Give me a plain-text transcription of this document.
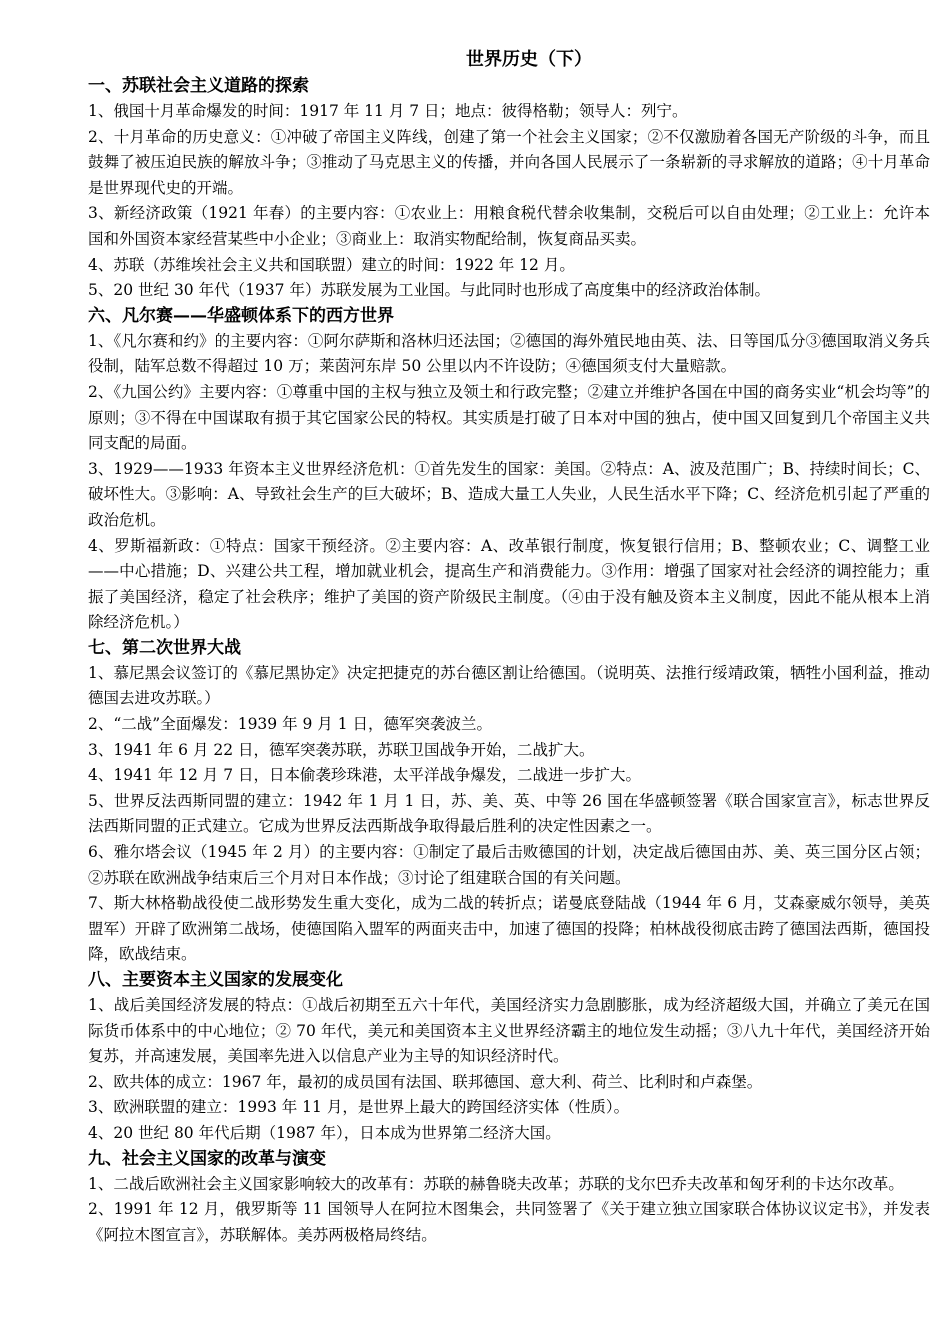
世界历史（下）
一、苏联社会主义道路的探索
1、俄国十月革命爆发的时间：1917 年 11 月 7 日；地点：彼得格勒；领导人：列宁。
2、十月革命的历史意义：①冲破了帝国主义阵线，创建了第一个社会主义国家；②不仅激励着各国无产阶级的斗争，而且鼓舞了被压迫民族的解放斗争；③推动了马克思主义的传播，并向各国人民展示了一条崭新的寻求解放的道路；④十月革命是世界现代史的开端。
3、新经济政策（1921 年春）的主要内容：①农业上：用粮食税代替余收集制，交税后可以自由处理；②工业上：允许本国和外国资本家经营某些中小企业；③商业上：取消实物配给制，恢复商品买卖。
4、苏联（苏维埃社会主义共和国联盟）建立的时间：1922 年 12 月。
5、20 世纪 30 年代（1937 年）苏联发展为工业国。与此同时也形成了高度集中的经济政治体制。
六、凡尔赛——华盛顿体系下的西方世界
1、《凡尔赛和约》的主要内容：①阿尔萨斯和洛林归还法国；②德国的海外殖民地由英、法、日等国瓜分③德国取消义务兵役制，陆军总数不得超过 10 万；莱茵河东岸 50 公里以内不许设防；④德国须支付大量赔款。
2、《九国公约》主要内容：①尊重中国的主权与独立及领土和行政完整；②建立并维护各国在中国的商务实业“机会均等”的原则；③不得在中国谋取有损于其它国家公民的特权。其实质是打破了日本对中国的独占，使中国又回复到几个帝国主义共同支配的局面。
3、1929——1933 年资本主义世界经济危机：①首先发生的国家：美国。②特点：A、波及范围广；B、持续时间长；C、破坏性大。③影响：A、导致社会生产的巨大破坏；B、造成大量工人失业，人民生活水平下降；C、经济危机引起了严重的政治危机。
4、罗斯福新政：①特点：国家干预经济。②主要内容：A、改革银行制度，恢复银行信用；B、整顿农业；C、调整工业——中心措施；D、兴建公共工程，增加就业机会，提高生产和消费能力。③作用：增强了国家对社会经济的调控能力；重振了美国经济，稳定了社会秩序；维护了美国的资产阶级民主制度。（④由于没有触及资本主义制度，因此不能从根本上消除经济危机。）
七、第二次世界大战
1、慕尼黑会议签订的《慕尼黑协定》决定把捷克的苏台德区割让给德国。（说明英、法推行绥靖政策，牺牲小国利益，推动德国去进攻苏联。）
2、“二战”全面爆发：1939 年 9 月 1 日，德军突袭波兰。
3、1941 年 6 月 22 日，德军突袭苏联，苏联卫国战争开始，二战扩大。
4、1941 年 12 月 7 日，日本偷袭珍珠港，太平洋战争爆发，二战进一步扩大。
5、世界反法西斯同盟的建立：1942 年 1 月 1 日，苏、美、英、中等 26 国在华盛顿签署《联合国家宣言》，标志世界反法西斯同盟的正式建立。它成为世界反法西斯战争取得最后胜利的决定性因素之一。
6、雅尔塔会议（1945 年 2 月）的主要内容：①制定了最后击败德国的计划，决定战后德国由苏、美、英三国分区占领；②苏联在欧洲战争结束后三个月对日本作战；③讨论了组建联合国的有关问题。
7、斯大林格勒战役使二战形势发生重大变化，成为二战的转折点；诺曼底登陆战（1944 年 6 月，艾森豪威尔领导，美英盟军）开辟了欧洲第二战场，使德国陷入盟军的两面夹击中，加速了德国的投降；柏林战役彻底击跨了德国法西斯，德国投降，欧战结束。
八、主要资本主义国家的发展变化
1、战后美国经济发展的特点：①战后初期至五六十年代，美国经济实力急剧膨胀，成为经济超级大国，并确立了美元在国际货币体系中的中心地位；② 70 年代，美元和美国资本主义世界经济霸主的地位发生动摇；③八九十年代，美国经济开始复苏，并高速发展，美国率先进入以信息产业为主导的知识经济时代。
2、欧共体的成立：1967 年，最初的成员国有法国、联邦德国、意大利、荷兰、比利时和卢森堡。
3、欧洲联盟的建立：1993 年 11 月，是世界上最大的跨国经济实体（性质）。
4、20 世纪 80 年代后期（1987 年），日本成为世界第二经济大国。
九、社会主义国家的改革与演变
1、二战后欧洲社会主义国家影响较大的改革有：苏联的赫鲁晓夫改革；苏联的戈尔巴乔夫改革和匈牙利的卡达尔改革。
2、1991 年 12 月，俄罗斯等 11 国领导人在阿拉木图集会，共同签署了《关于建立独立国家联合体协议议定书》，并发表《阿拉木图宣言》，苏联解体。美苏两极格局终结。
